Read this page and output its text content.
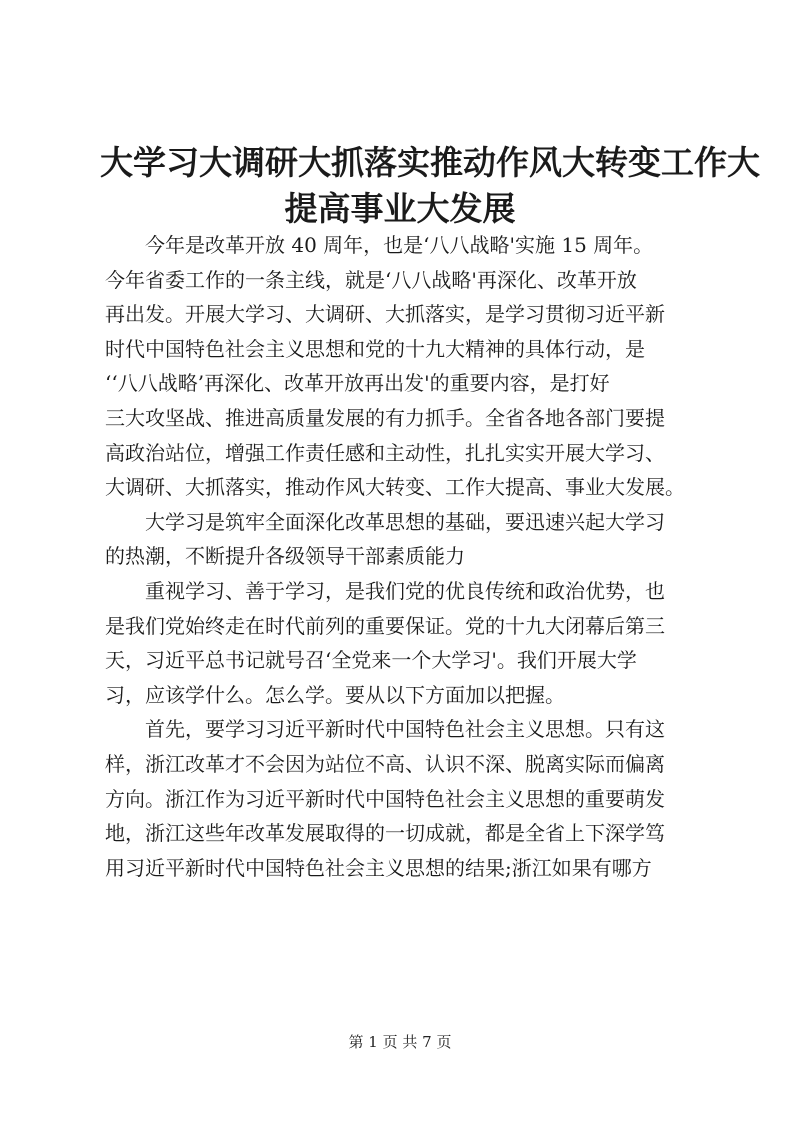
大学习大调研大抓落实推动作风大转变工作大
提高事业大发展

　　今年是改革开放 40 周年，也是‘八八战略'实施 15 周年。
今年省委工作的一条主线，就是‘八八战略'再深化、改革开放
再出发。开展大学习、大调研、大抓落实，是学习贯彻习近平新
时代中国特色社会主义思想和党的十九大精神的具体行动，是
‘‘八八战略’再深化、改革开放再出发'的重要内容，是打好
三大攻坚战、推进高质量发展的有力抓手。全省各地各部门要提
高政治站位，增强工作责任感和主动性，扎扎实实开展大学习、
大调研、大抓落实，推动作风大转变、工作大提高、事业大发展。

　　大学习是筑牢全面深化改革思想的基础，要迅速兴起大学习
的热潮，不断提升各级领导干部素质能力

　　重视学习、善于学习，是我们党的优良传统和政治优势，也
是我们党始终走在时代前列的重要保证。党的十九大闭幕后第三
天，习近平总书记就号召‘全党来一个大学习'。我们开展大学
习，应该学什么。怎么学。要从以下方面加以把握。

　　首先，要学习习近平新时代中国特色社会主义思想。只有这
样，浙江改革才不会因为站位不高、认识不深、脱离实际而偏离
方向。浙江作为习近平新时代中国特色社会主义思想的重要萌发
地，浙江这些年改革发展取得的一切成就，都是全省上下深学笃
用习近平新时代中国特色社会主义思想的结果;浙江如果有哪方

第 1 页 共 7 页
